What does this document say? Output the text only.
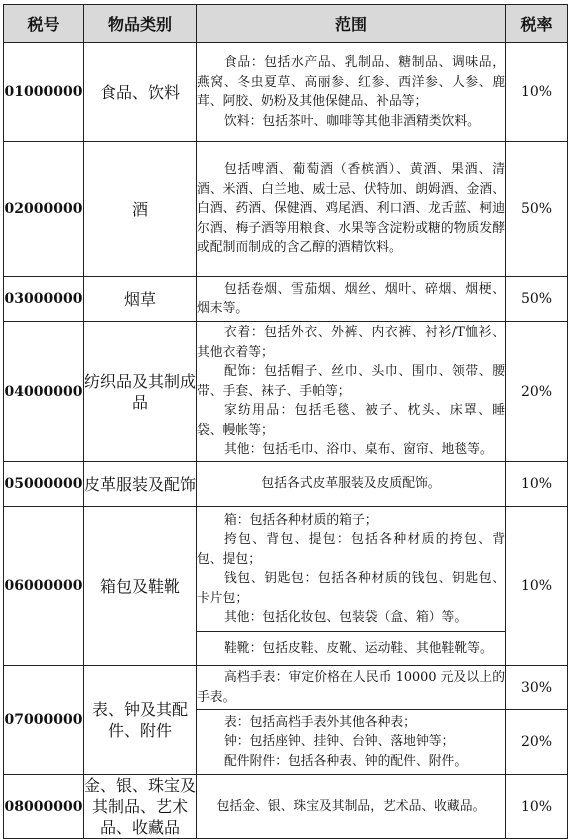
税号	物品类别	范围	税率
01000000	食品、饮料	食品：包括水产品、乳制品、糖制品、调味品，燕窝、冬虫夏草、高丽参、红参、西洋参、人参、鹿茸、阿胶、奶粉及其他保健品、补品等；
饮料：包括茶叶、咖啡等其他非酒精类饮料。	10%
02000000	酒	包括啤酒、葡萄酒（香槟酒）、黄酒、果酒、清酒、米酒、白兰地、威士忌、伏特加、朗姆酒、金酒、白酒、药酒、保健酒、鸡尾酒、利口酒、龙舌蓝、柯迪尔酒、梅子酒等用粮食、水果等含淀粉或糖的物质发酵或配制而制成的含乙醇的酒精饮料。	50%
03000000	烟草	包括卷烟、雪茄烟、烟丝、烟叶、碎烟、烟梗、烟末等。	50%
04000000	纺织品及其制成品	衣着：包括外衣、外裤、内衣裤、衬衫/T恤衫、其他衣着等；
配饰：包括帽子、丝巾、头巾、围巾、领带、腰带、手套、袜子、手帕等；
家纺用品：包括毛毯、被子、枕头、床罩、睡袋、幔帐等；
其他：包括毛巾、浴巾、桌布、窗帘、地毯等。	20%
05000000	皮革服装及配饰	包括各式皮革服装及皮质配饰。	10%
06000000	箱包及鞋靴	箱：包括各种材质的箱子；
挎包、背包、提包：包括各种材质的挎包、背包、提包；
钱包、钥匙包：包括各种材质的钱包、钥匙包、卡片包；
其他：包括化妆包、包装袋（盒、箱）等。	10%

		鞋靴：包括皮鞋、皮靴、运动鞋、其他鞋靴等。	

07000000	表、钟及其配件、附件	高档手表：审定价格在人民币 10000 元及以上的手表。	30%

		表：包括高档手表外其他各种表；
钟：包括座钟、挂钟、台钟、落地钟等；
配件附件：包括各种表、钟的配件、附件。	20%
08000000	金、银、珠宝及其制品、艺术品、收藏品	包括金、银、珠宝及其制品，艺术品、收藏品。	10%
